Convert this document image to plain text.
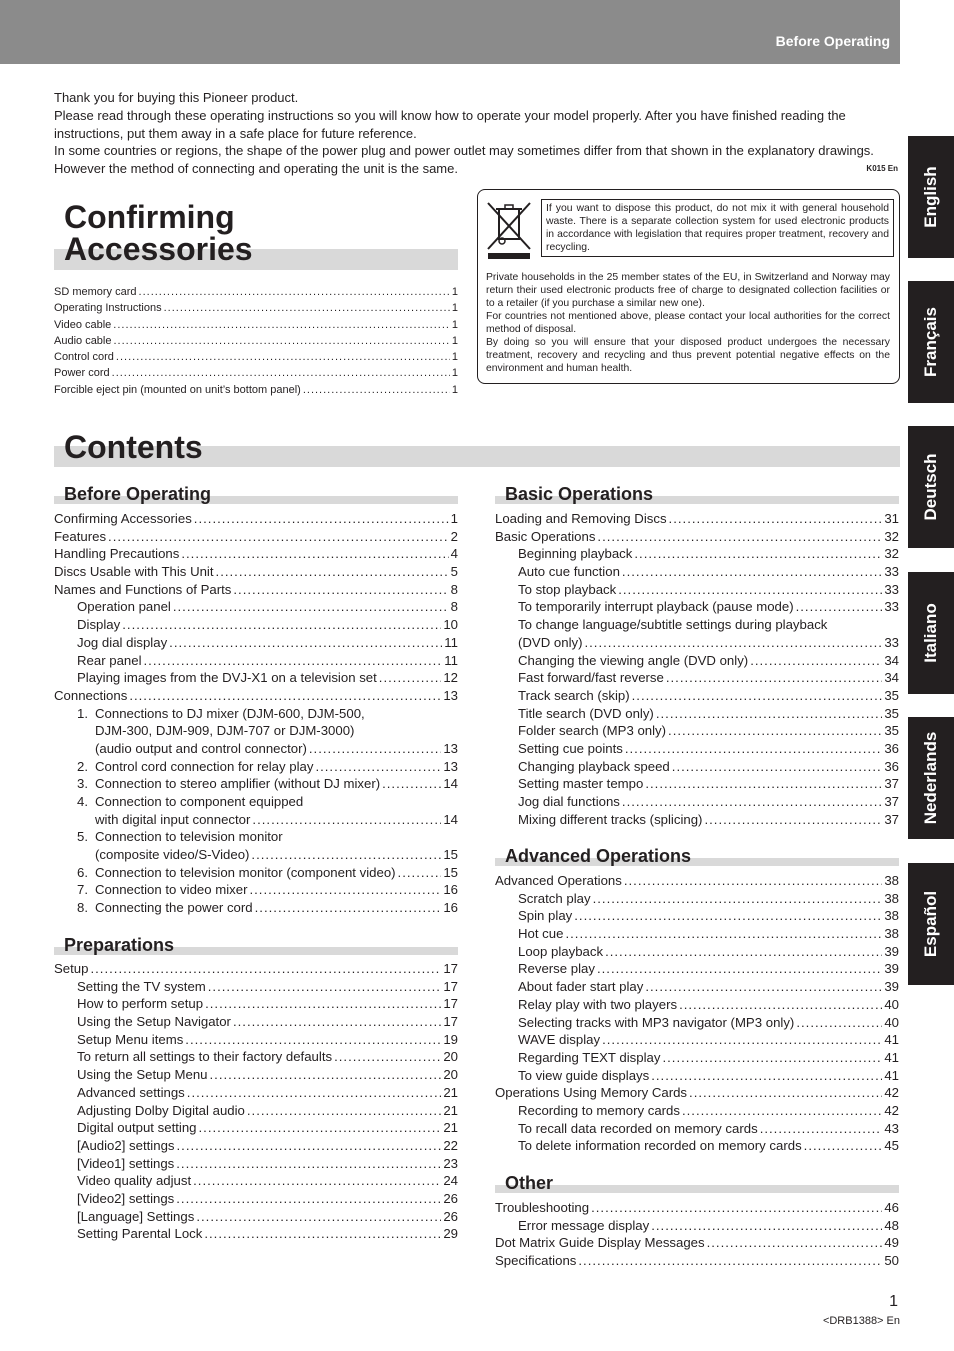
Before Operating
English
Français
Deutsch
Italiano
Nederlands
Español

Thank you for buying this Pioneer product.

Please read through these operating instructions so you will know how to operate your model properly. After you have finished reading the instructions, put them away in a safe place for future reference.

In some countries or regions, the shape of the power plug and power outlet may sometimes differ from that shown in the explanatory drawings. However the method of connecting and operating the unit is the same.	K015 En
Confirming
Accessories
SD memory card .....	1
Operating Instructions .....	1
Video cable .....	1
Audio cable .....	1
Control cord .....	1
Power cord .....	1
Forcible eject pin (mounted on unit’s bottom panel) .....	1
If you want to dispose this product, do not mix it with general household waste. There is a separate collection system for used electronic products in accordance with legislation that requires proper treatment, recovery and recycling.

Private households in the 25 member states of the EU, in Switzerland and Norway may return their used electronic products free of charge to designated collection facilities or to a retailer (if you purchase a similar new one).

For countries not mentioned above, please contact your local authorities for the correct method of disposal.

By doing so you will ensure that your disposed product undergoes the necessary treatment, recovery and recycling and thus prevent potential negative effects on the environment and human health.

Contents
Before Operating
Preparations
Basic Operations
Advanced Operations
Other
Confirming Accessories .....	1
Features .....	2
Handling Precautions .....	4
Discs Usable with This Unit .....	5
Names and Functions of Parts .....	8
Operation panel .....	8
Display .....	10
Jog dial display .....	11
Rear panel .....	11
Playing images from the DVJ-X1 on a television set .....	12
Connections .....	13
1. Connections to DJ mixer (DJM-600, DJM-500,
DJM-300, DJM-909, DJM-707 or DJM-3000)
(audio output and control connector) .....	13
2. Control cord connection for relay play .....	13
3. Connection to stereo amplifier (without DJ mixer) .....	14
4. Connection to component equipped
with digital input connector .....	14
5. Connection to television monitor
(composite video/S-Video) .....	15
6. Connection to television monitor (component video) .....	15
7. Connection to video mixer .....	16
8. Connecting the power cord .....	16
Setup .....	17
Setting the TV system .....	17
How to perform setup .....	17
Using the Setup Navigator .....	17
Setup Menu items .....	19
To return all settings to their factory defaults .....	20
Using the Setup Menu .....	20
Advanced settings .....	21
Adjusting Dolby Digital audio .....	21
Digital output setting .....	21
[Audio2] settings .....	22
[Video1] settings .....	23
Video quality adjust .....	24
[Video2] settings .....	26
[Language] Settings .....	26
Setting Parental Lock .....	29
Loading and Removing Discs .....	31
Basic Operations .....	32
Beginning playback .....	32
Auto cue function .....	33
To stop playback .....	33
To temporarily interrupt playback (pause mode) .....	33
To change language/subtitle settings during playback
(DVD only) .....	33
Changing the viewing angle (DVD only) .....	34
Fast forward/fast reverse .....	34
Track search (skip) .....	35
Title search (DVD only) .....	35
Folder search (MP3 only) .....	35
Setting cue points .....	36
Changing playback speed .....	36
Setting master tempo .....	37
Jog dial functions .....	37
Mixing different tracks (splicing) .....	37
Advanced Operations .....	38
Scratch play .....	38
Spin play .....	38
Hot cue .....	38
Loop playback .....	39
Reverse play .....	39
About fader start play .....	39
Relay play with two players .....	40
Selecting tracks with MP3 navigator (MP3 only) .....	40
WAVE display .....	41
Regarding TEXT display .....	41
To view guide displays .....	41
Operations Using Memory Cards .....	42
Recording to memory cards .....	42
To recall data recorded on memory cards .....	43
To delete information recorded on memory cards .....	45
Troubleshooting .....	46
Error message display .....	48
Dot Matrix Guide Display Messages .....	49
Specifications .....	50
1
<DRB1388> En
